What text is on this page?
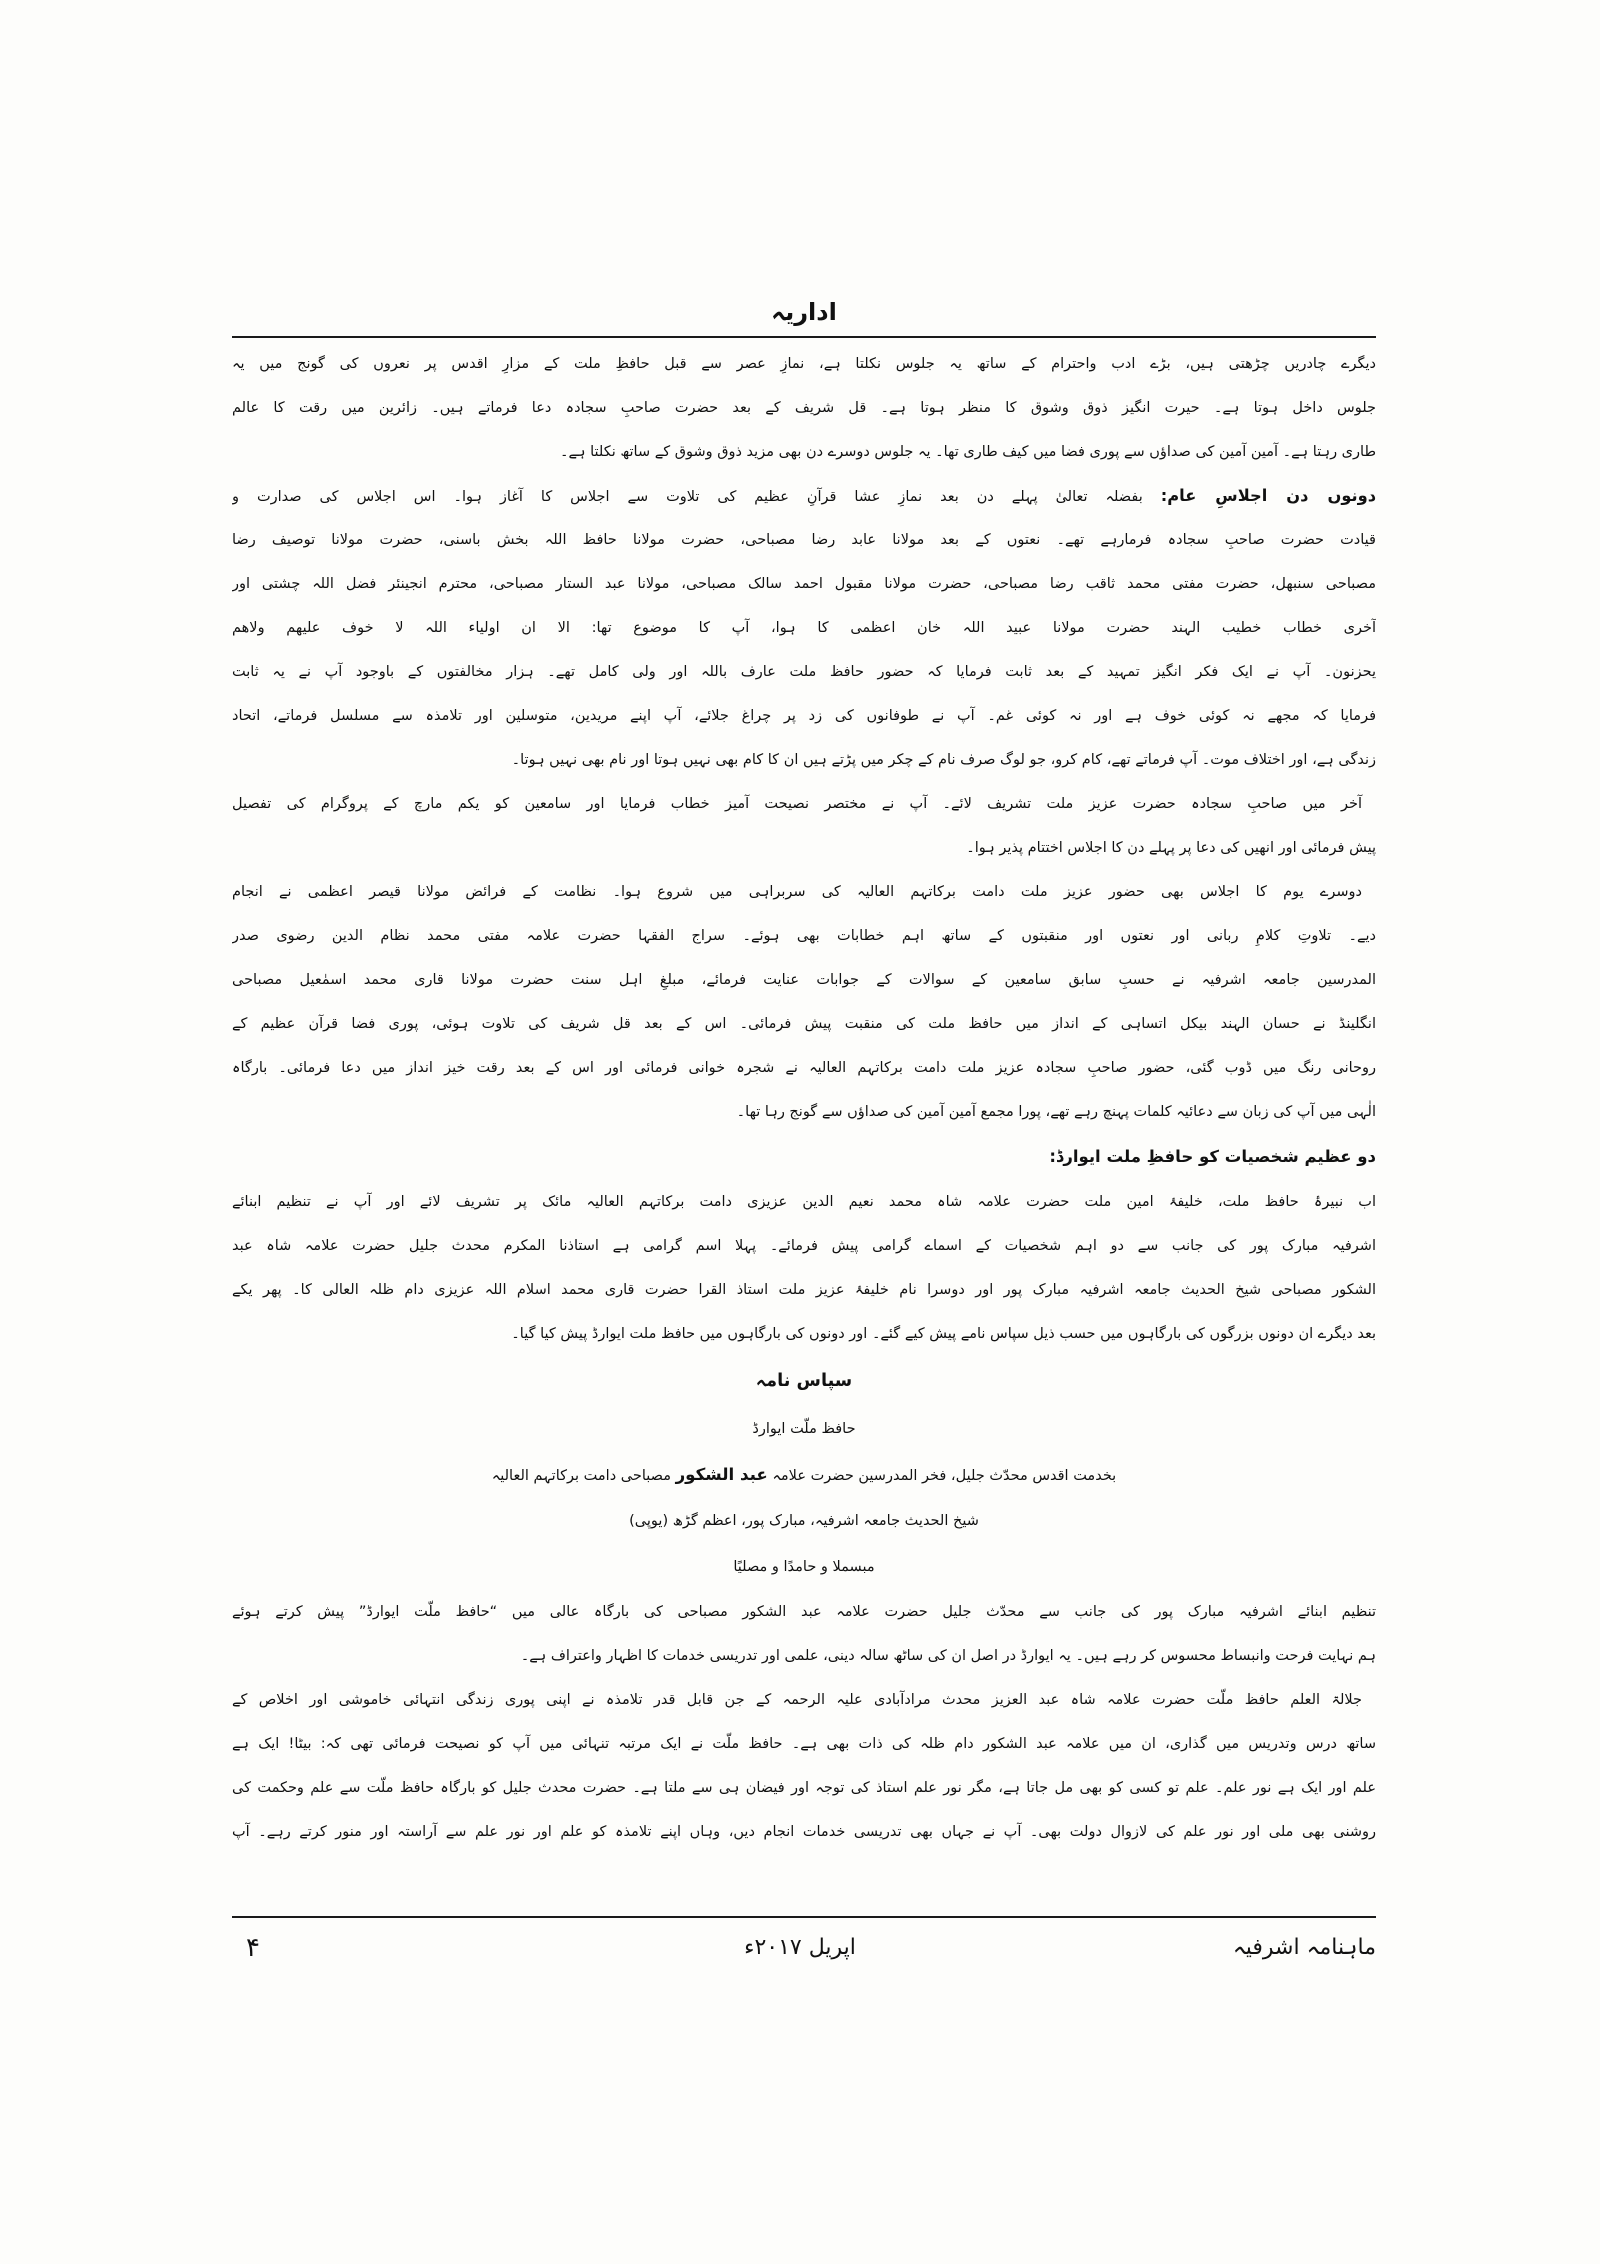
اداریہ
دیگرے چادریں چڑھتی ہیں، بڑے ادب واحترام کے ساتھ یہ جلوس نکلتا ہے، نمازِ عصر سے قبل حافظِ ملت کے مزارِ اقدس پر نعروں کی گونج میں یہ
جلوس داخل ہوتا ہے۔ حیرت انگیز ذوق وشوق کا منظر ہوتا ہے۔ قل شریف کے بعد حضرت صاحبِ سجادہ دعا فرماتے ہیں۔ زائرین میں رقت کا عالم
طاری رہتا ہے۔ آمین آمین کی صداؤں سے پوری فضا میں کیف طاری تھا۔ یہ جلوس دوسرے دن بھی مزید ذوق وشوق کے ساتھ نکلتا ہے۔
دونوں دن اجلاسِ عام: بفضلہ تعالیٰ پہلے دن بعد نمازِ عشا قرآنِ عظیم کی تلاوت سے اجلاس کا آغاز ہوا۔ اس اجلاس کی صدارت و
قیادت حضرت صاحبِ سجادہ فرمارہے تھے۔ نعتوں کے بعد مولانا عابد رضا مصباحی، حضرت مولانا حافظ اللہ بخش باسنی، حضرت مولانا توصیف رضا
مصباحی سنبھل، حضرت مفتی محمد ثاقب رضا مصباحی، حضرت مولانا مقبول احمد سالک مصباحی، مولانا عبد الستار مصباحی، محترم انجینئر فضل اللہ چشتی اور
آخری خطاب خطیب الہند حضرت مولانا عبید اللہ خان اعظمی کا ہوا، آپ کا موضوع تھا: الا ان اولیاء اللہ لا خوف علیھم ولاھم
یحزنون۔ آپ نے ایک فکر انگیز تمہید کے بعد ثابت فرمایا کہ حضور حافظ ملت عارف باللہ اور ولی کامل تھے۔ ہزار مخالفتوں کے باوجود آپ نے یہ ثابت
فرمایا کہ مجھے نہ کوئی خوف ہے اور نہ کوئی غم۔ آپ نے طوفانوں کی زد پر چراغ جلائے، آپ اپنے مریدین، متوسلین اور تلامذہ سے مسلسل فرماتے، اتحاد
زندگی ہے، اور اختلاف موت۔ آپ فرماتے تھے، کام کرو، جو لوگ صرف نام کے چکر میں پڑتے ہیں ان کا کام بھی نہیں ہوتا اور نام بھی نہیں ہوتا۔
آخر میں صاحبِ سجادہ حضرت عزیز ملت تشریف لائے۔ آپ نے مختصر نصیحت آمیز خطاب فرمایا اور سامعین کو یکم مارچ کے پروگرام کی تفصیل
پیش فرمائی اور انھیں کی دعا پر پہلے دن کا اجلاس اختتام پذیر ہوا۔
دوسرے یوم کا اجلاس بھی حضور عزیز ملت دامت برکاتہم العالیہ کی سربراہی میں شروع ہوا۔ نظامت کے فرائض مولانا قیصر اعظمی نے انجام
دیے۔ تلاوتِ کلامِ ربانی اور نعتوں اور منقبتوں کے ساتھ اہم خطابات بھی ہوئے۔ سراج الفقہا حضرت علامہ مفتی محمد نظام الدین رضوی صدر
المدرسین جامعہ اشرفیہ نے حسبِ سابق سامعین کے سوالات کے جوابات عنایت فرمائے، مبلغِ اہل سنت حضرت مولانا قاری محمد اسمٰعیل مصباحی
انگلینڈ نے حسان الہند بیکل اتساہی کے انداز میں حافظ ملت کی منقبت پیش فرمائی۔ اس کے بعد قل شریف کی تلاوت ہوئی، پوری فضا قرآن عظیم کے
روحانی رنگ میں ڈوب گئی، حضور صاحبِ سجادہ عزیز ملت دامت برکاتہم العالیہ نے شجرہ خوانی فرمائی اور اس کے بعد رقت خیز انداز میں دعا فرمائی۔ بارگاہ
الٰہی میں آپ کی زبان سے دعائیہ کلمات پہنچ رہے تھے، پورا مجمع آمین آمین کی صداؤں سے گونج رہا تھا۔
دو عظیم شخصیات کو حافظِ ملت ایوارڈ:
اب نبیرۂ حافظ ملت، خلیفۂ امین ملت حضرت علامہ شاہ محمد نعیم الدین عزیزی دامت برکاتہم العالیہ مائک پر تشریف لائے اور آپ نے تنظیم ابنائے
اشرفیہ مبارک پور کی جانب سے دو اہم شخصیات کے اسماے گرامی پیش فرمائے۔ پہلا اسم گرامی ہے استاذنا المکرم محدث جلیل حضرت علامہ شاہ عبد
الشکور مصباحی شیخ الحدیث جامعہ اشرفیہ مبارک پور اور دوسرا نام خلیفۂ عزیز ملت استاذ القرا حضرت قاری محمد اسلام اللہ عزیزی دام ظلہ العالی کا۔ پھر یکے
بعد دیگرے ان دونوں بزرگوں کی بارگاہوں میں حسب ذیل سپاس نامے پیش کیے گئے۔ اور دونوں کی بارگاہوں میں حافظ ملت ایوارڈ پیش کیا گیا۔
سپاس نامہ
حافظ ملّت ایوارڈ
بخدمت اقدس محدّث جلیل، فخر المدرسین حضرت علامہ عبد الشکور مصباحی دامت برکاتہم العالیہ
شیخ الحدیث جامعہ اشرفیہ، مبارک پور، اعظم گڑھ (یوپی)
مبسملا و حامدًا و مصلیًا
تنظیم ابنائے اشرفیہ مبارک پور کی جانب سے محدّث جلیل حضرت علامہ عبد الشکور مصباحی کی بارگاہ عالی میں “حافظ ملّت ایوارڈ” پیش کرتے ہوئے
ہم نہایت فرحت وانبساط محسوس کر رہے ہیں۔ یہ ایوارڈ در اصل ان کی ساٹھ سالہ دینی، علمی اور تدریسی خدمات کا اظہار واعتراف ہے۔
جلالۃ العلم حافظ ملّت حضرت علامہ شاہ عبد العزیز محدث مرادآبادی علیہ الرحمہ کے جن قابل قدر تلامذہ نے اپنی پوری زندگی انتہائی خاموشی اور اخلاص کے
ساتھ درس وتدریس میں گذاری، ان میں علامہ عبد الشکور دام ظلہ کی ذات بھی ہے۔ حافظ ملّت نے ایک مرتبہ تنہائی میں آپ کو نصیحت فرمائی تھی کہ: بیٹا! ایک ہے
علم اور ایک ہے نور علم۔ علم تو کسی کو بھی مل جاتا ہے، مگر نور علم استاذ کی توجہ اور فیضان ہی سے ملتا ہے۔ حضرت محدث جلیل کو بارگاہ حافظ ملّت سے علم وحکمت کی
روشنی بھی ملی اور نور علم کی لازوال دولت بھی۔ آپ نے جہاں بھی تدریسی خدمات انجام دیں، وہاں اپنے تلامذہ کو علم اور نور علم سے آراستہ اور منور کرتے رہے۔ آپ
ماہنامہ اشرفیہ
اپریل ۲۰۱۷ء
۴
